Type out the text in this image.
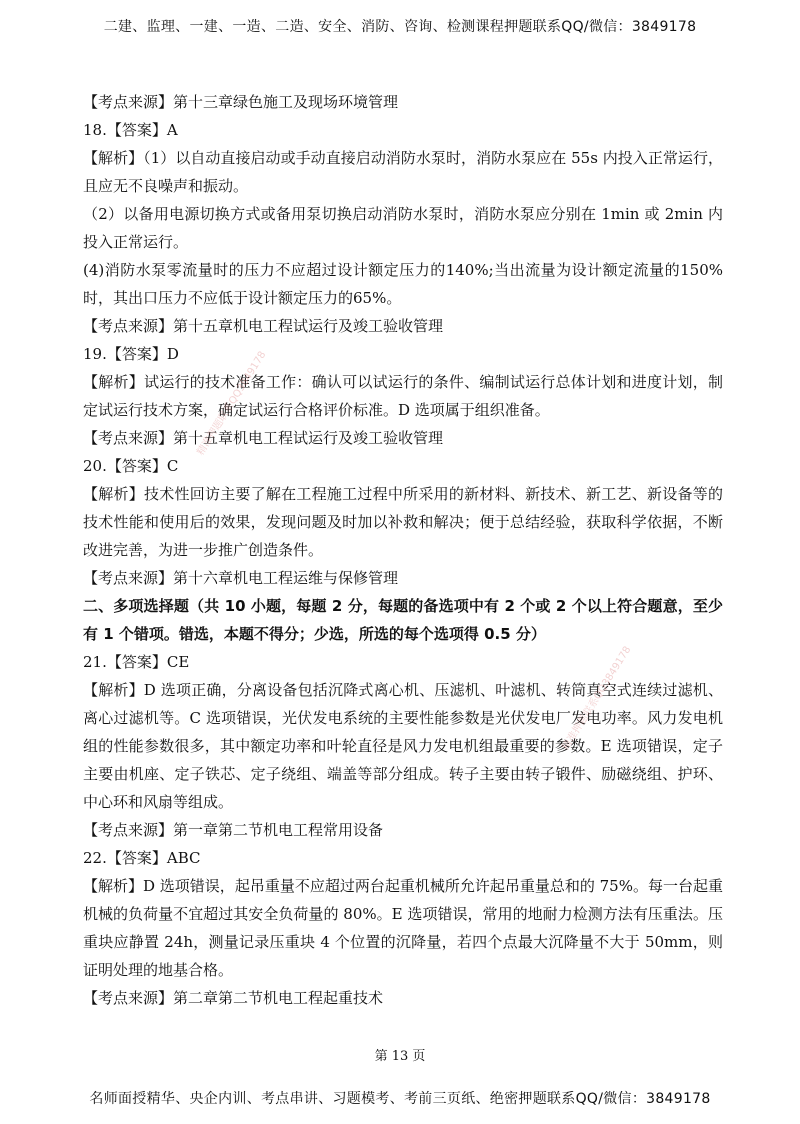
二建、监理、一建、一造、二造、安全、消防、咨询、检测课程押题联系QQ/微信：3849178

【考点来源】第十三章绿色施工及现场环境管理

18.【答案】A

【解析】（1）以自动直接启动或手动直接启动消防水泵时，消防水泵应在 55s 内投入正常运行，且应无不良噪声和振动。

（2）以备用电源切换方式或备用泵切换启动消防水泵时，消防水泵应分别在 1min 或 2min 内投入正常运行。

(4)消防水泵零流量时的压力不应超过设计额定压力的140%;当出流量为设计额定流量的150%时，其出口压力不应低于设计额定压力的65%。

【考点来源】第十五章机电工程试运行及竣工验收管理

19.【答案】D

【解析】试运行的技术准备工作：确认可以试运行的条件、编制试运行总体计划和进度计划，制定试运行技术方案，确定试运行合格评价标准。D 选项属于组织准备。

【考点来源】第十五章机电工程试运行及竣工验收管理

20.【答案】C

【解析】技术性回访主要了解在工程施工过程中所采用的新材料、新技术、新工艺、新设备等的技术性能和使用后的效果，发现问题及时加以补救和解决；便于总结经验，获取科学依据，不断改进完善，为进一步推广创造条件。

【考点来源】第十六章机电工程运维与保修管理

二、多项选择题（共 10 小题，每题 2 分，每题的备选项中有 2 个或 2 个以上符合题意，至少有 1 个错项。错选，本题不得分；少选，所选的每个选项得 0.5 分）

21.【答案】CE

【解析】D 选项正确，分离设备包括沉降式离心机、压滤机、叶滤机、转筒真空式连续过滤机、离心过滤机等。C 选项错误，光伏发电系统的主要性能参数是光伏发电厂发电功率。风力发电机组的性能参数很多，其中额定功率和叶轮直径是风力发电机组最重要的参数。E 选项错误，定子主要由机座、定子铁芯、定子绕组、端盖等部分组成。转子主要由转子锻件、励磁绕组、护环、中心环和风扇等组成。

【考点来源】第一章第二节机电工程常用设备

22.【答案】ABC

【解析】D 选项错误，起吊重量不应超过两台起重机械所允许起吊重量总和的 75%。每一台起重机械的负荷量不宜超过其安全负荷量的 80%。E 选项错误，常用的地耐力检测方法有压重法。压重块应静置 24h，测量记录压重块 4 个位置的沉降量，若四个点最大沉降量不大于 50mm，则证明处理的地基合格。

【考点来源】第二章第二节机电工程起重技术

精准押题联系QQ3849178
精准押题联系QQ3849178
第 13 页
名师面授精华、央企内训、考点串讲、习题模考、考前三页纸、绝密押题联系QQ/微信：3849178
